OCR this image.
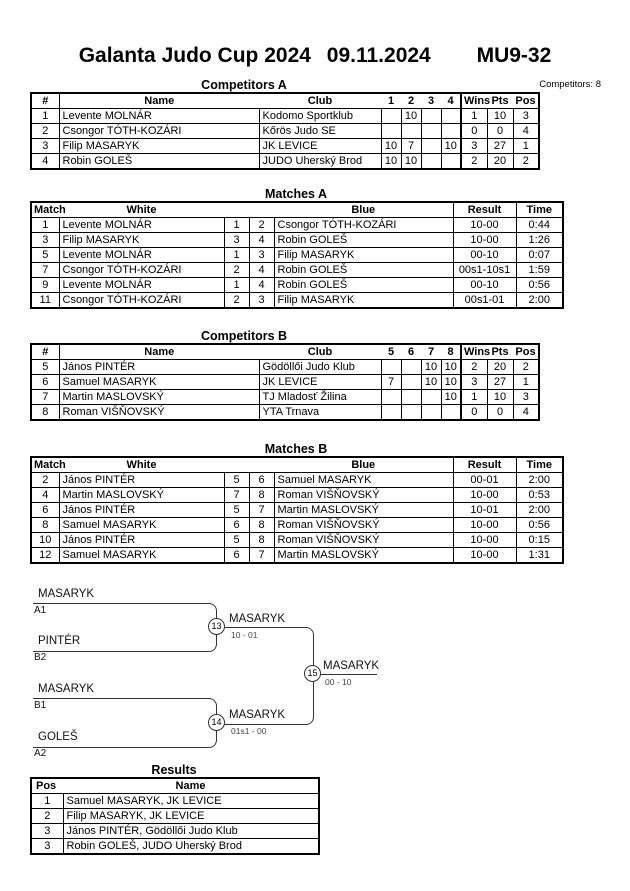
Galanta Judo Cup 2024 09.11.2024 MU9-32
Competitors: 8
Competitors A
#	Name	Club	1	2	3	4	Wins	Pts	Pos
1	Levente MOLNÁR	Kodomo Sportklub		10			1	10	3
2	Csongor TÓTH-KOZÁRI	Kőrös Judo SE					0	0	4
3	Filip MASARYK	JK LEVICE	10	7		10	3	27	1
4	Robin GOLEŠ	JUDO Uherský Brod	10	10			2	20	2
Matches A
Match	White			Blue	Result	Time
1	Levente MOLNÁR	1	2	Csongor TÓTH-KOZÁRI	10-00	0:44
3	Filip MASARYK	3	4	Robin GOLEŠ	10-00	1:26
5	Levente MOLNÁR	1	3	Filip MASARYK	00-10	0:07
7	Csongor TÓTH-KOZÁRI	2	4	Robin GOLEŠ	00s1-10s1	1:59
9	Levente MOLNÁR	1	4	Robin GOLEŠ	00-10	0:56
11	Csongor TÓTH-KOZÁRI	2	3	Filip MASARYK	00s1-01	2:00
Competitors B
#	Name	Club	5	6	7	8	Wins	Pts	Pos
5	János PINTÉR	Gödöllői Judo Klub			10	10	2	20	2
6	Samuel MASARYK	JK LEVICE	7		10	10	3	27	1
7	Martin MASLOVSKÝ	TJ Mladosť Žilina				10	1	10	3
8	Roman VIŠŇOVSKÝ	YTA Trnava					0	0	4
Matches B
Match	White			Blue	Result	Time
2	János PINTÉR	5	6	Samuel MASARYK	00-01	2:00
4	Martin MASLOVSKÝ	7	8	Roman VIŠŇOVSKÝ	10-00	0:53
6	János PINTÉR	5	7	Martin MASLOVSKÝ	10-01	2:00
8	Samuel MASARYK	6	8	Roman VIŠŇOVSKÝ	10-00	0:56
10	János PINTÉR	5	8	Roman VIŠŇOVSKÝ	10-00	0:15
12	Samuel MASARYK	6	7	Martin MASLOVSKÝ	10-00	1:31
MASARYK
A1
PINTÉR
B2
MASARYK
B1
GOLEŠ
A2
13
14
15
MASARYK
10 - 01
MASARYK
01s1 - 00
MASARYK
00 - 10
Results
Pos	Name
1	Samuel MASARYK, JK LEVICE
2	Filip MASARYK, JK LEVICE
3	János PINTÉR, Gödöllői Judo Klub
3	Robin GOLEŠ, JUDO Uherský Brod
